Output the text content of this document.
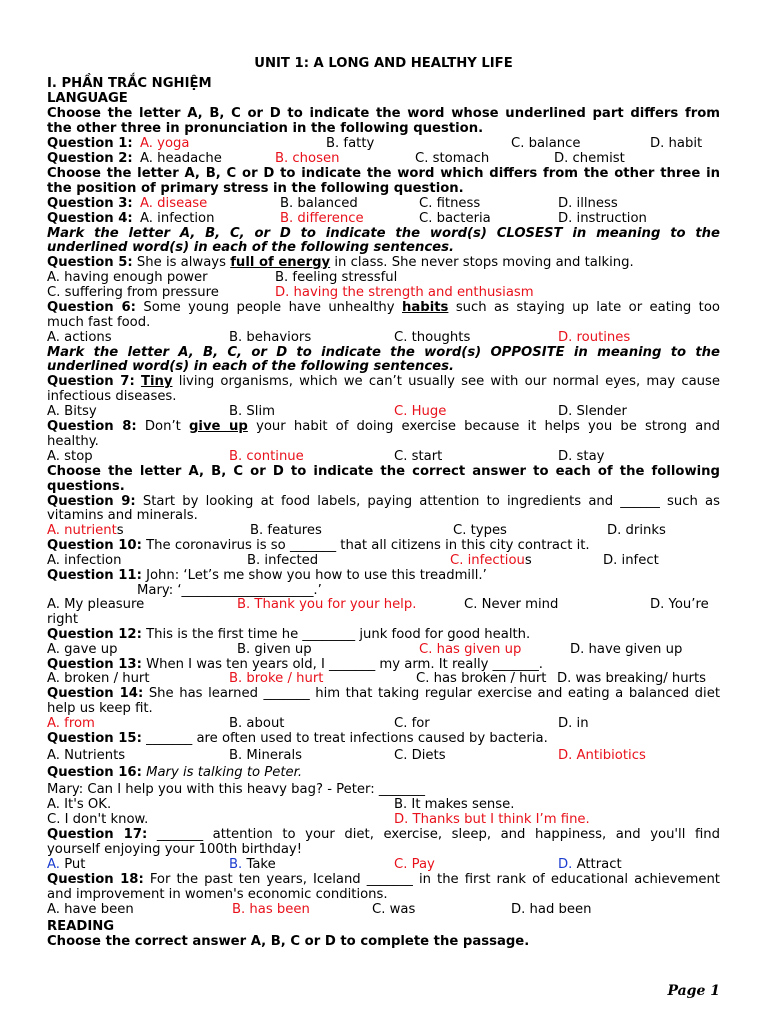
UNIT 1: A LONG AND HEALTHY LIFE
I. PHẦN TRẮC NGHIỆM
LANGUAGE
Choose the letter A, B, C or D to indicate the word whose underlined part differs from
the other three in pronunciation in the following question.
Question 1: A. yoga	B. fatty	C. balance	D. habit
Question 2: A. headache	B. chosen	C. stomach	D. chemist
Choose the letter A, B, C or D to indicate the word which differs from the other three in
the position of primary stress in the following question.
Question 3: A. disease	B. balanced	C. fitness	D. illness
Question 4: A. infection	B. difference	C. bacteria	D. instruction
Mark the letter A, B, C, or D to indicate the word(s) CLOSEST in meaning to the
underlined word(s) in each of the following sentences.
Question 5: She is always full of energy in class. She never stops moving and talking.
A. having enough power	B. feeling stressful
C. suffering from pressure	D. having the strength and enthusiasm
Question 6: Some young people have unhealthy habits such as staying up late or eating too
much fast food.
A. actions	B. behaviors	C. thoughts	D. routines
Mark the letter A, B, C, or D to indicate the word(s) OPPOSITE in meaning to the
underlined word(s) in each of the following sentences.
Question 7: Tiny living organisms, which we can’t usually see with our normal eyes, may cause
infectious diseases.
A. Bitsy	B. Slim	C. Huge	D. Slender
Question 8: Don’t give up your habit of doing exercise because it helps you be strong and
healthy.
A. stop	B. continue	C. start	D. stay
Choose the letter A, B, C or D to indicate the correct answer to each of the following
questions.
Question 9: Start by looking at food labels, paying attention to ingredients and ______ such as
vitamins and minerals.
A. nutrients	B. features	C. types	D. drinks
Question 10: The coronavirus is so _______ that all citizens in this city contract it.
A. infection	B. infected	C. infectious	D. infect
Question 11: John: ‘Let’s me show you how to use this treadmill.’
Mary: ‘____________________.’
A. My pleasure	B. Thank you for your help.	C. Never mind	D. You’re
right
Question 12: This is the first time he ________ junk food for good health.
A. gave up	B. given up	C. has given up	D. have given up
Question 13: When I was ten years old, I _______ my arm. It really _______.
A. broken / hurt	B. broke / hurt	C. has broken / hurt D. was breaking/ hurts
Question 14: She has learned _______ him that taking regular exercise and eating a balanced diet
help us keep fit.
A. from	B. about	C. for	D. in
Question 15: _______ are often used to treat infections caused by bacteria.
A. Nutrients	B. Minerals	C. Diets	D. Antibiotics
Question 16: Mary is talking to Peter.
Mary: Can I help you with this heavy bag? - Peter: _______
A. It's OK.	B. It makes sense.
C. I don't know.	D. Thanks but I think I’m fine.
Question 17: _______ attention to your diet, exercise, sleep, and happiness, and you'll find
yourself enjoying your 100th birthday!
A. Put	B. Take	C. Pay	D. Attract
Question 18: For the past ten years, Iceland _______ in the first rank of educational achievement
and improvement in women's economic conditions.
A. have been	B. has been	C. was	D. had been
READING
Choose the correct answer A, B, C or D to complete the passage.
Page 1
